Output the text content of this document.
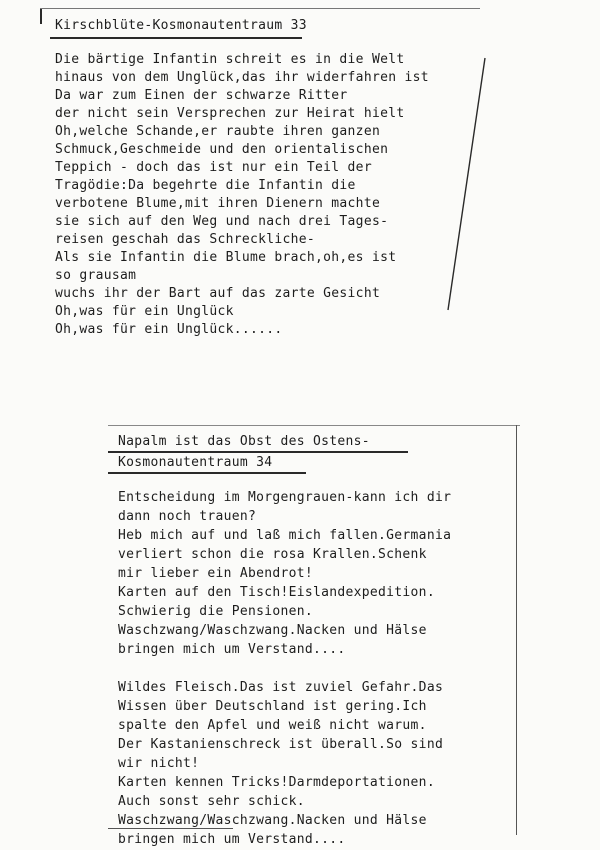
Kirschblüte-Kosmonautentraum 33
Die bärtige Infantin schreit es in die Welt
hinaus von dem Unglück,das ihr widerfahren ist
Da war zum Einen der schwarze Ritter
der nicht sein Versprechen zur Heirat hielt
Oh,welche Schande,er raubte ihren ganzen
Schmuck,Geschmeide und den orientalischen
Teppich - doch das ist nur ein Teil der
Tragödie:Da begehrte die Infantin die
verbotene Blume,mit ihren Dienern machte
sie sich auf den Weg und nach drei Tages-
reisen geschah das Schreckliche-
Als sie Infantin die Blume brach,oh,es ist
so grausam
wuchs ihr der Bart auf das zarte Gesicht
Oh,was für ein Unglück
Oh,was für ein Unglück......
Napalm ist das Obst des Ostens-
Kosmonautentraum 34
Entscheidung im Morgengrauen-kann ich dir
dann noch trauen?
Heb mich auf und laß mich fallen.Germania
verliert schon die rosa Krallen.Schenk
mir lieber ein Abendrot!
Karten auf den Tisch!Eislandexpedition.
Schwierig die Pensionen.
Waschzwang/Waschzwang.Nacken und Hälse
bringen mich um Verstand....
Wildes Fleisch.Das ist zuviel Gefahr.Das
Wissen über Deutschland ist gering.Ich
spalte den Apfel und weiß nicht warum.
Der Kastanienschreck ist überall.So sind
wir nicht!
Karten kennen Tricks!Darmdeportationen.
Auch sonst sehr schick.
Waschzwang/Waschzwang.Nacken und Hälse
bringen mich um Verstand....
